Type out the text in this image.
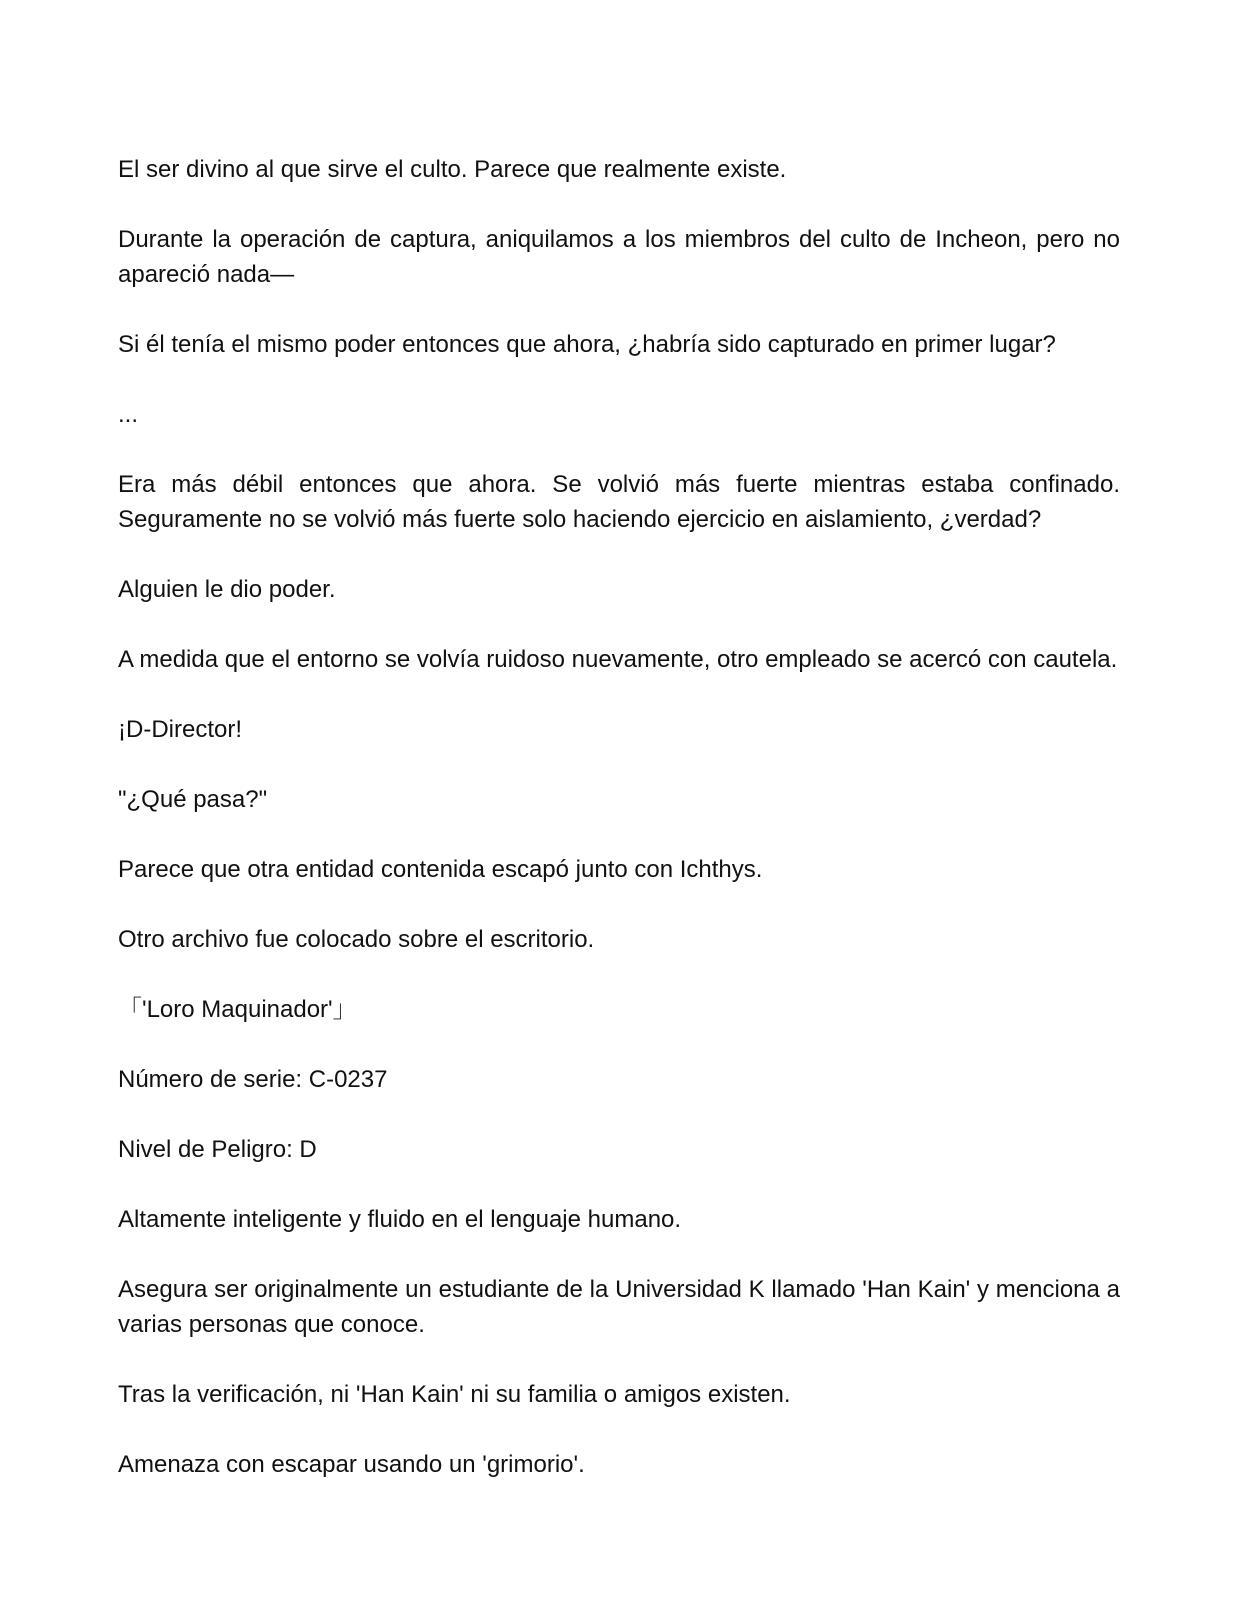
El ser divino al que sirve el culto. Parece que realmente existe.

Durante la operación de captura, aniquilamos a los miembros del culto de Incheon, pero no apareció nada—

Si él tenía el mismo poder entonces que ahora, ¿habría sido capturado en primer lugar?

...

Era más débil entonces que ahora. Se volvió más fuerte mientras estaba confinado. Seguramente no se volvió más fuerte solo haciendo ejercicio en aislamiento, ¿verdad?

Alguien le dio poder.

A medida que el entorno se volvía ruidoso nuevamente, otro empleado se acercó con cautela.

¡D-Director!

"¿Qué pasa?"

Parece que otra entidad contenida escapó junto con Ichthys.

Otro archivo fue colocado sobre el escritorio.

「'Loro Maquinador'」

Número de serie: C-0237

Nivel de Peligro: D

Altamente inteligente y fluido en el lenguaje humano.

Asegura ser originalmente un estudiante de la Universidad K llamado 'Han Kain' y menciona a varias personas que conoce.

Tras la verificación, ni 'Han Kain' ni su familia o amigos existen.

Amenaza con escapar usando un 'grimorio'.
